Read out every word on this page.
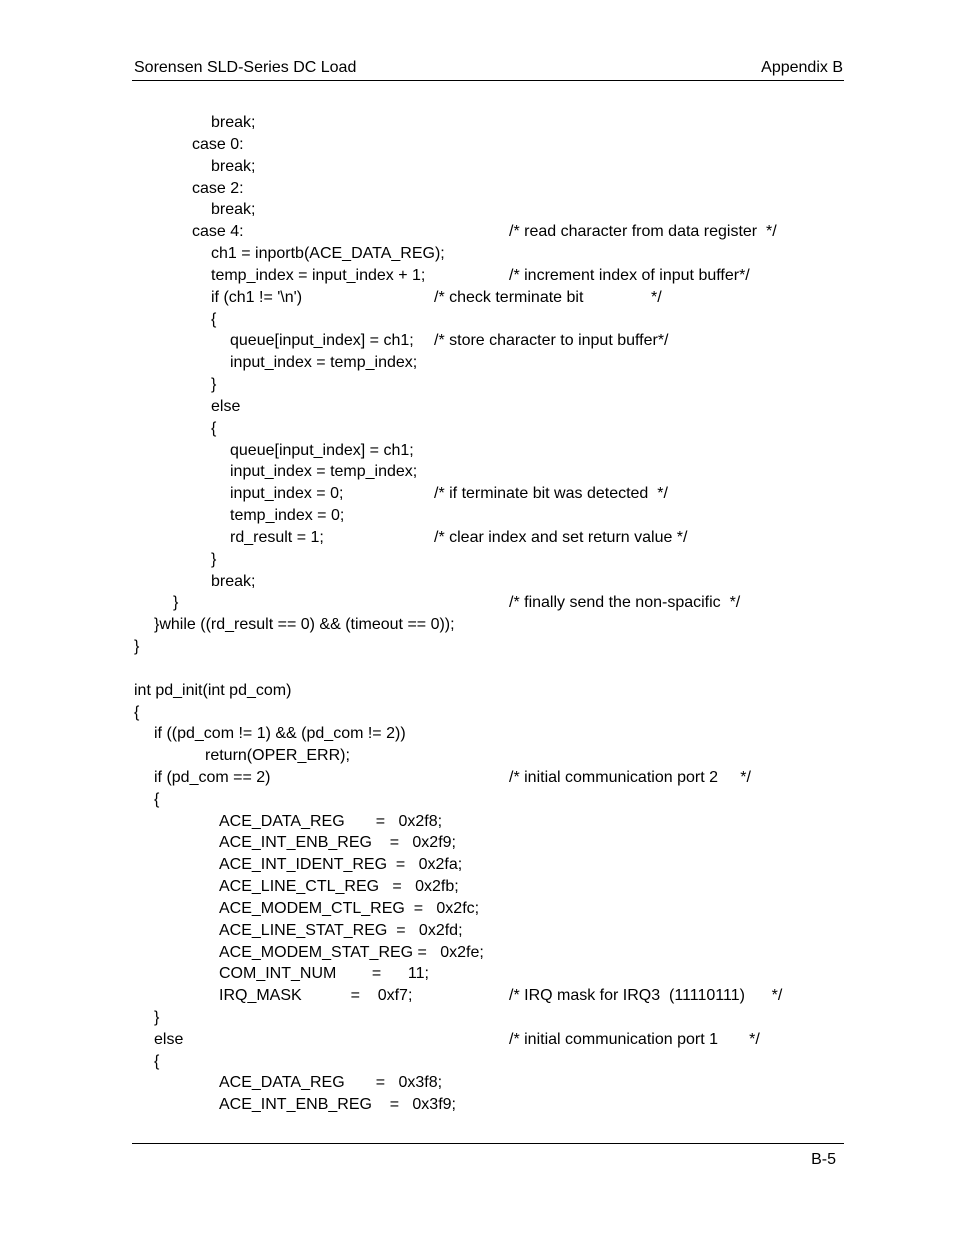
Sorensen SLD-Series DC Load	Appendix B
break;
case 0:
break;
case 2:
break;
case 4:	/* read character from data register  */
ch1 = inportb(ACE_DATA_REG);
temp_index = input_index + 1;	/* increment index of input buffer*/
if (ch1 != '\n')	/* check terminate bit	*/
{
queue[input_index] = ch1; /* store character to input buffer*/
input_index = temp_index;
}
else
{
queue[input_index] = ch1;
input_index = temp_index;
input_index = 0;	/* if terminate bit was detected  */
temp_index = 0;
rd_result = 1;	/* clear index and set return value */
}
break;
}	/* finally send the non-spacific  */
}while ((rd_result == 0) && (timeout == 0));
}
int pd_init(int pd_com)
{
if ((pd_com != 1) && (pd_com != 2))
return(OPER_ERR);
if (pd_com == 2)	/* initial communication port 2     */
{
ACE_DATA_REG       =   0x2f8;
ACE_INT_ENB_REG    =   0x2f9;
ACE_INT_IDENT_REG  =   0x2fa;
ACE_LINE_CTL_REG   =   0x2fb;
ACE_MODEM_CTL_REG  =   0x2fc;
ACE_LINE_STAT_REG  =   0x2fd;
ACE_MODEM_STAT_REG =   0x2fe;
COM_INT_NUM        =      11;
IRQ_MASK           =    0xf7;	/* IRQ mask for IRQ3  (11110111)      */
}
else	/* initial communication port 1       */
{
ACE_DATA_REG       =   0x3f8;
ACE_INT_ENB_REG    =   0x3f9;
B-5
